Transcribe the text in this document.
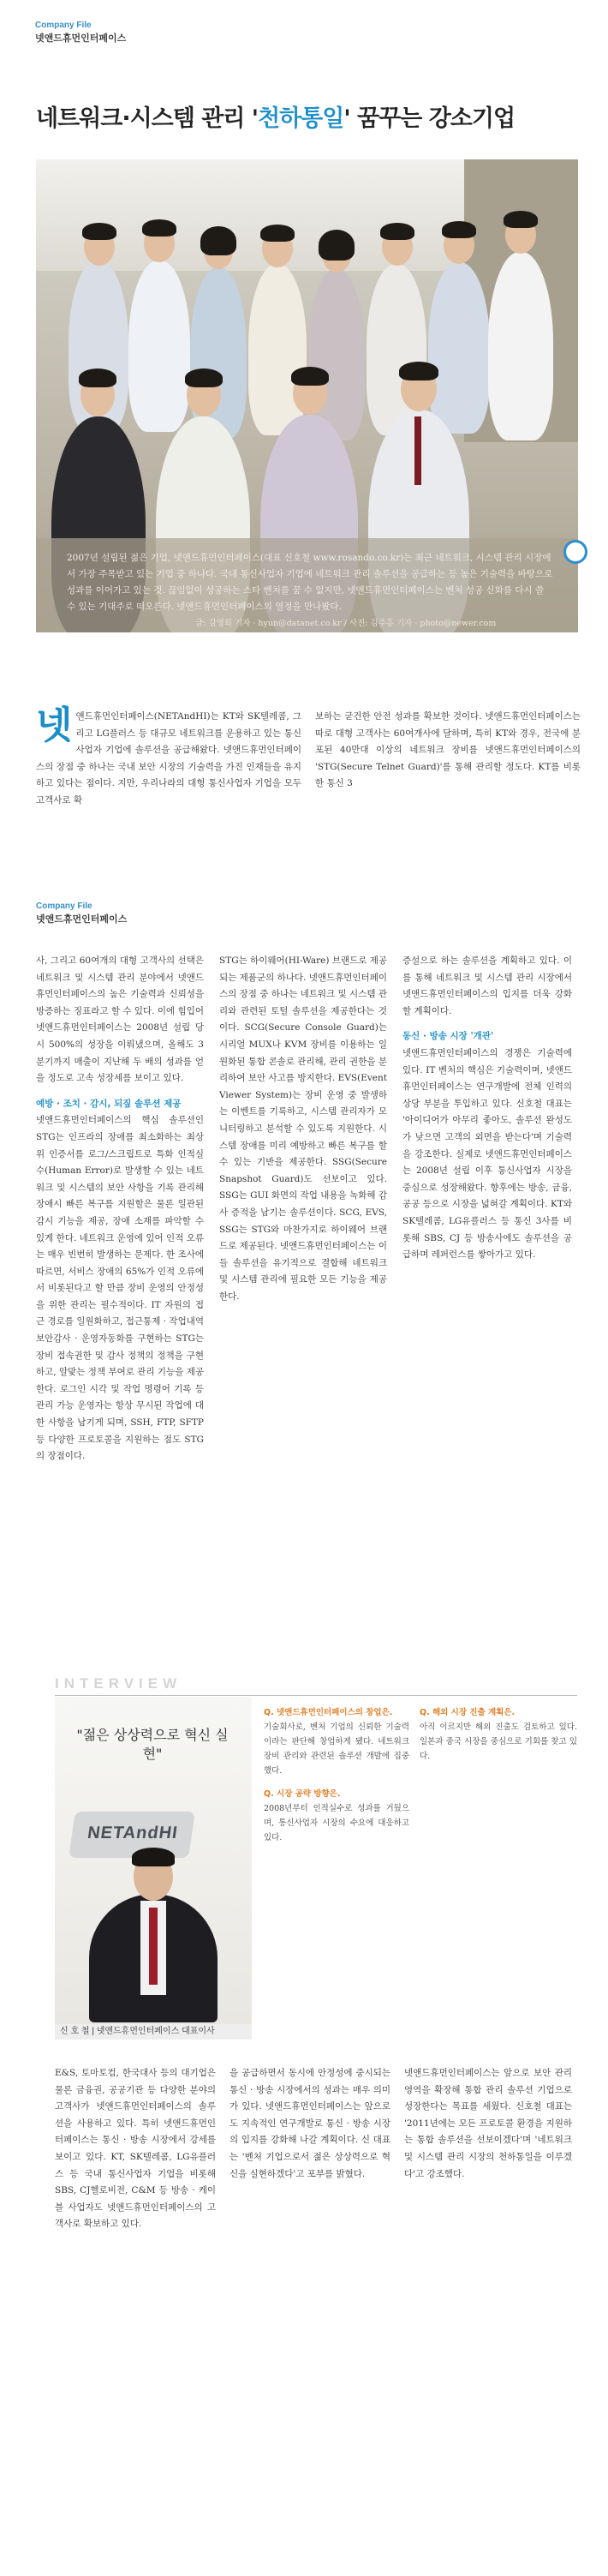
Company File
넷앤드휴먼인터페이스
네트워크·시스템 관리 '천하통일' 꿈꾸는 강소기업
2007년 설립된 젊은 기업, 넷앤드휴먼인터페이스(대표 신호철 www.rosando.co.kr)는 최근 네트워크, 시스템 관리 시장에서 가장 주목받고 있는 기업 중 하나다. 국내 통신사업자 기업에 네트워크 관리 솔루션을 공급하는 등 높은 기술력을 바탕으로 성과를 이어가고 있는 것. 끊임없이 성공하는 스타 벤처를 꿈 수 없지만, 넷앤드휴먼인터페이스는 벤처 성공 신화를 다시 쓸 수 있는 기대주로 떠오른다. 넷앤드휴먼인터페이스의 열정을 만나봤다.
글: 김영희 기자 · hyun@datanet.co.kr / 사진: 김주홍 기자 · photo@newer.com
넷앤드휴먼인터페이스(NETAndHI)는 KT와 SK텔레콤, 그리고 LG플러스 등 대규모 네트워크를 운용하고 있는 통신사업자 기업에 솔루션을 공급해왔다. 넷앤드휴먼인터페이스의 장점 중 하나는 국내 보안 시장의 기술력을 가진 인재들을 유지하고 있다는 점이다. 지만, 우리나라의 대형 통신사업자 기업을 모두 고객사로 확
보하는 굳건한 안전 성과를 확보한 것이다. 넷앤드휴먼인터페이스는 따로 대형 고객사는 60여개사에 달하며, 특히 KT와 경우, 전국에 분포된 40만대 이상의 네트워크 장비를 넷앤드휴먼인터페이스의 'STG(Secure Telnet Guard)'를 통해 관리할 정도다. KT를 비롯한 통신 3
Company File
넷앤드휴먼인터페이스

사, 그리고 60여개의 대형 고객사의 선택은 네트워크 및 시스템 관리 분야에서 넷앤드휴먼인터페이스의 높은 기술력과 신뢰성을 방증하는 징표라고 할 수 있다. 이에 힘입어 넷앤드휴먼인터페이스는 2008년 설립 당시 500%의 성장을 이뤄냈으며, 올해도 3분기까지 매출이 지난해 두 배의 성과를 얻을 정도로 고속 성장세를 보이고 있다.

예방 · 조치 · 감시, 되짚 솔루션 제공

넷앤드휴먼인터페이스의 핵심 솔루션인 STG는 인프라의 장애를 최소화하는 최상위 인증서를 로그/스크립트로 특화 인적실수(Human Error)로 발생할 수 있는 네트워크 및 시스템의 보안 사항을 기록 관리해 장애시 빠른 복구를 지원할은 물론 일관된 감시 기능을 제공, 장애 소재를 파악할 수 있게 한다. 네트워크 운영에 있어 인적 오류는 매우 빈번히 발생하는 문제다. 한 조사에 따르면, 서비스 장애의 65%가 인적 오류에서 비롯된다고 할 만큼 장비 운영의 안정성을 위한 관리는 필수적이다. IT 자원의 접근 경로를 일원화하고, 접근통제 · 작업내역 보안감사 · 운영자동화를 구현하는 STG는 장비 접속권한 및 감사 정책의 정책을 구현하고, 알맞는 정책 부여로 관리 기능을 제공한다. 로그인 시각 및 작업 명령어 기록 등 관리 가능 운영자는 항상 무시된 작업에 대한 사항을 남기게 되며, SSH, FTP, SFTP 등 다양한 프로토콜을 지원하는 점도 STG의 장점이다.

STG는 하이웨어(HI-Ware) 브랜드로 제공되는 제품군의 하나다. 넷앤드휴먼인터페이스의 장점 중 하나는 네트워크 및 시스템 관리와 관련된 토털 솔루션을 제공한다는 것이다. SCG(Secure Console Guard)는 시리얼 MUX나 KVM 장비를 이용하는 일원화된 통합 콘솔로 관리해, 관리 권한을 분리하여 보안 사고를 방지한다. EVS(Event Viewer System)는 장비 운영 중 발생하는 이벤트를 기록하고, 시스템 관리자가 모니터링하고 분석할 수 있도록 지원한다. 시스템 장애를 미리 예방하고 빠른 복구를 할 수 있는 기반을 제공한다. SSG(Secure Snapshot Guard)도 선보이고 있다. SSG는 GUI 화면의 작업 내용을 녹화해 감사 증적을 남기는 솔루션이다. SCG, EVS, SSG는 STG와 마찬가지로 하이웨어 브랜드로 제공된다. 넷앤드휴먼인터페이스는 이들 솔루션을 유기적으로 결합해 네트워크 및 시스템 관리에 필요한 모든 기능을 제공한다.

증설으로 하는 솔루션을 계획하고 있다. 이를 통해 네트워크 및 시스템 관리 시장에서 넷앤드휴먼인터페이스의 입지를 더욱 강화할 계획이다.

동신 · 방송 시장 '개관'

넷앤드휴먼인터페이스의 경쟁은 기술력에 있다. IT 벤처의 핵심은 기술력이며, 넷앤드휴먼인터페이스는 연구개발에 전체 인력의 상당 부분을 투입하고 있다. 신호철 대표는 '아이디어가 아무리 좋아도, 솔루션 완성도가 낮으면 고객의 외면을 받는다'며 기술력을 강조한다. 실제로 넷앤드휴먼인터페이스는 2008년 설립 이후 통신사업자 시장을 중심으로 성장해왔다. 향후에는 방송, 금융, 공공 등으로 시장을 넓혀갈 계획이다. KT와 SK텔레콤, LG유플러스 등 통신 3사를 비롯해 SBS, CJ 등 방송사에도 솔루션을 공급하며 레퍼런스를 쌓아가고 있다.

INTERVIEW
"젊은 상상력으로 혁신 실현"
NETAndHI
신 호 철 | 넷앤드휴먼인터페이스 대표이사
Q. 넷앤드휴먼인터페이스의 창업은.
기술회사로, 벤처 기업의 신뢰한 기술력이라는 판단해 창업하게 됐다. 네트워크 장비 관리와 관련된 솔루션 개발에 집중했다.
Q. 시장 공략 방향은.
2008년부터 인적실수로 성과를 거뒀으며, 통신사업자 시장의 수요에 대응하고 있다.
Q. 해외 시장 진출 계획은.
아직 이르지만 해외 진출도 검토하고 있다. 일본과 중국 시장을 중심으로 기회를 찾고 있다.

E&S, 토마토컴, 한국대사 등의 대기업은 물론 금융권, 공공기관 등 다양한 분야의 고객사가 넷앤드휴먼인터페이스의 솔루션을 사용하고 있다. 특히 넷앤드휴먼인터페이스는 통신 · 방송 시장에서 강세를 보이고 있다. KT, SK텔레콤, LG유플러스 등 국내 통신사업자 기업을 비롯해 SBS, CJ헬로비전, C&M 등 방송 · 케이블 사업자도 넷앤드휴먼인터페이스의 고객사로 확보하고 있다.

을 공급하면서 동시에 안정성에 중시되는 통신 · 방송 시장에서의 성과는 매우 의미가 있다. 넷앤드휴먼인터페이스는 앞으로도 지속적인 연구개발로 통신 · 방송 시장의 입지를 강화해 나갈 계획이다. 신 대표는 '벤처 기업으로서 젊은 상상력으로 혁신을 실현하겠다'고 포부를 밝혔다.

넷앤드휴먼인터페이스는 앞으로 보안 관리 영역을 확장해 통합 관리 솔루션 기업으로 성장한다는 목표를 세웠다. 신호철 대표는 '2011년에는 모든 프로토콜 환경을 지원하는 통합 솔루션을 선보이겠다'며 '네트워크 및 시스템 관리 시장의 천하통일을 이루겠다'고 강조했다.
